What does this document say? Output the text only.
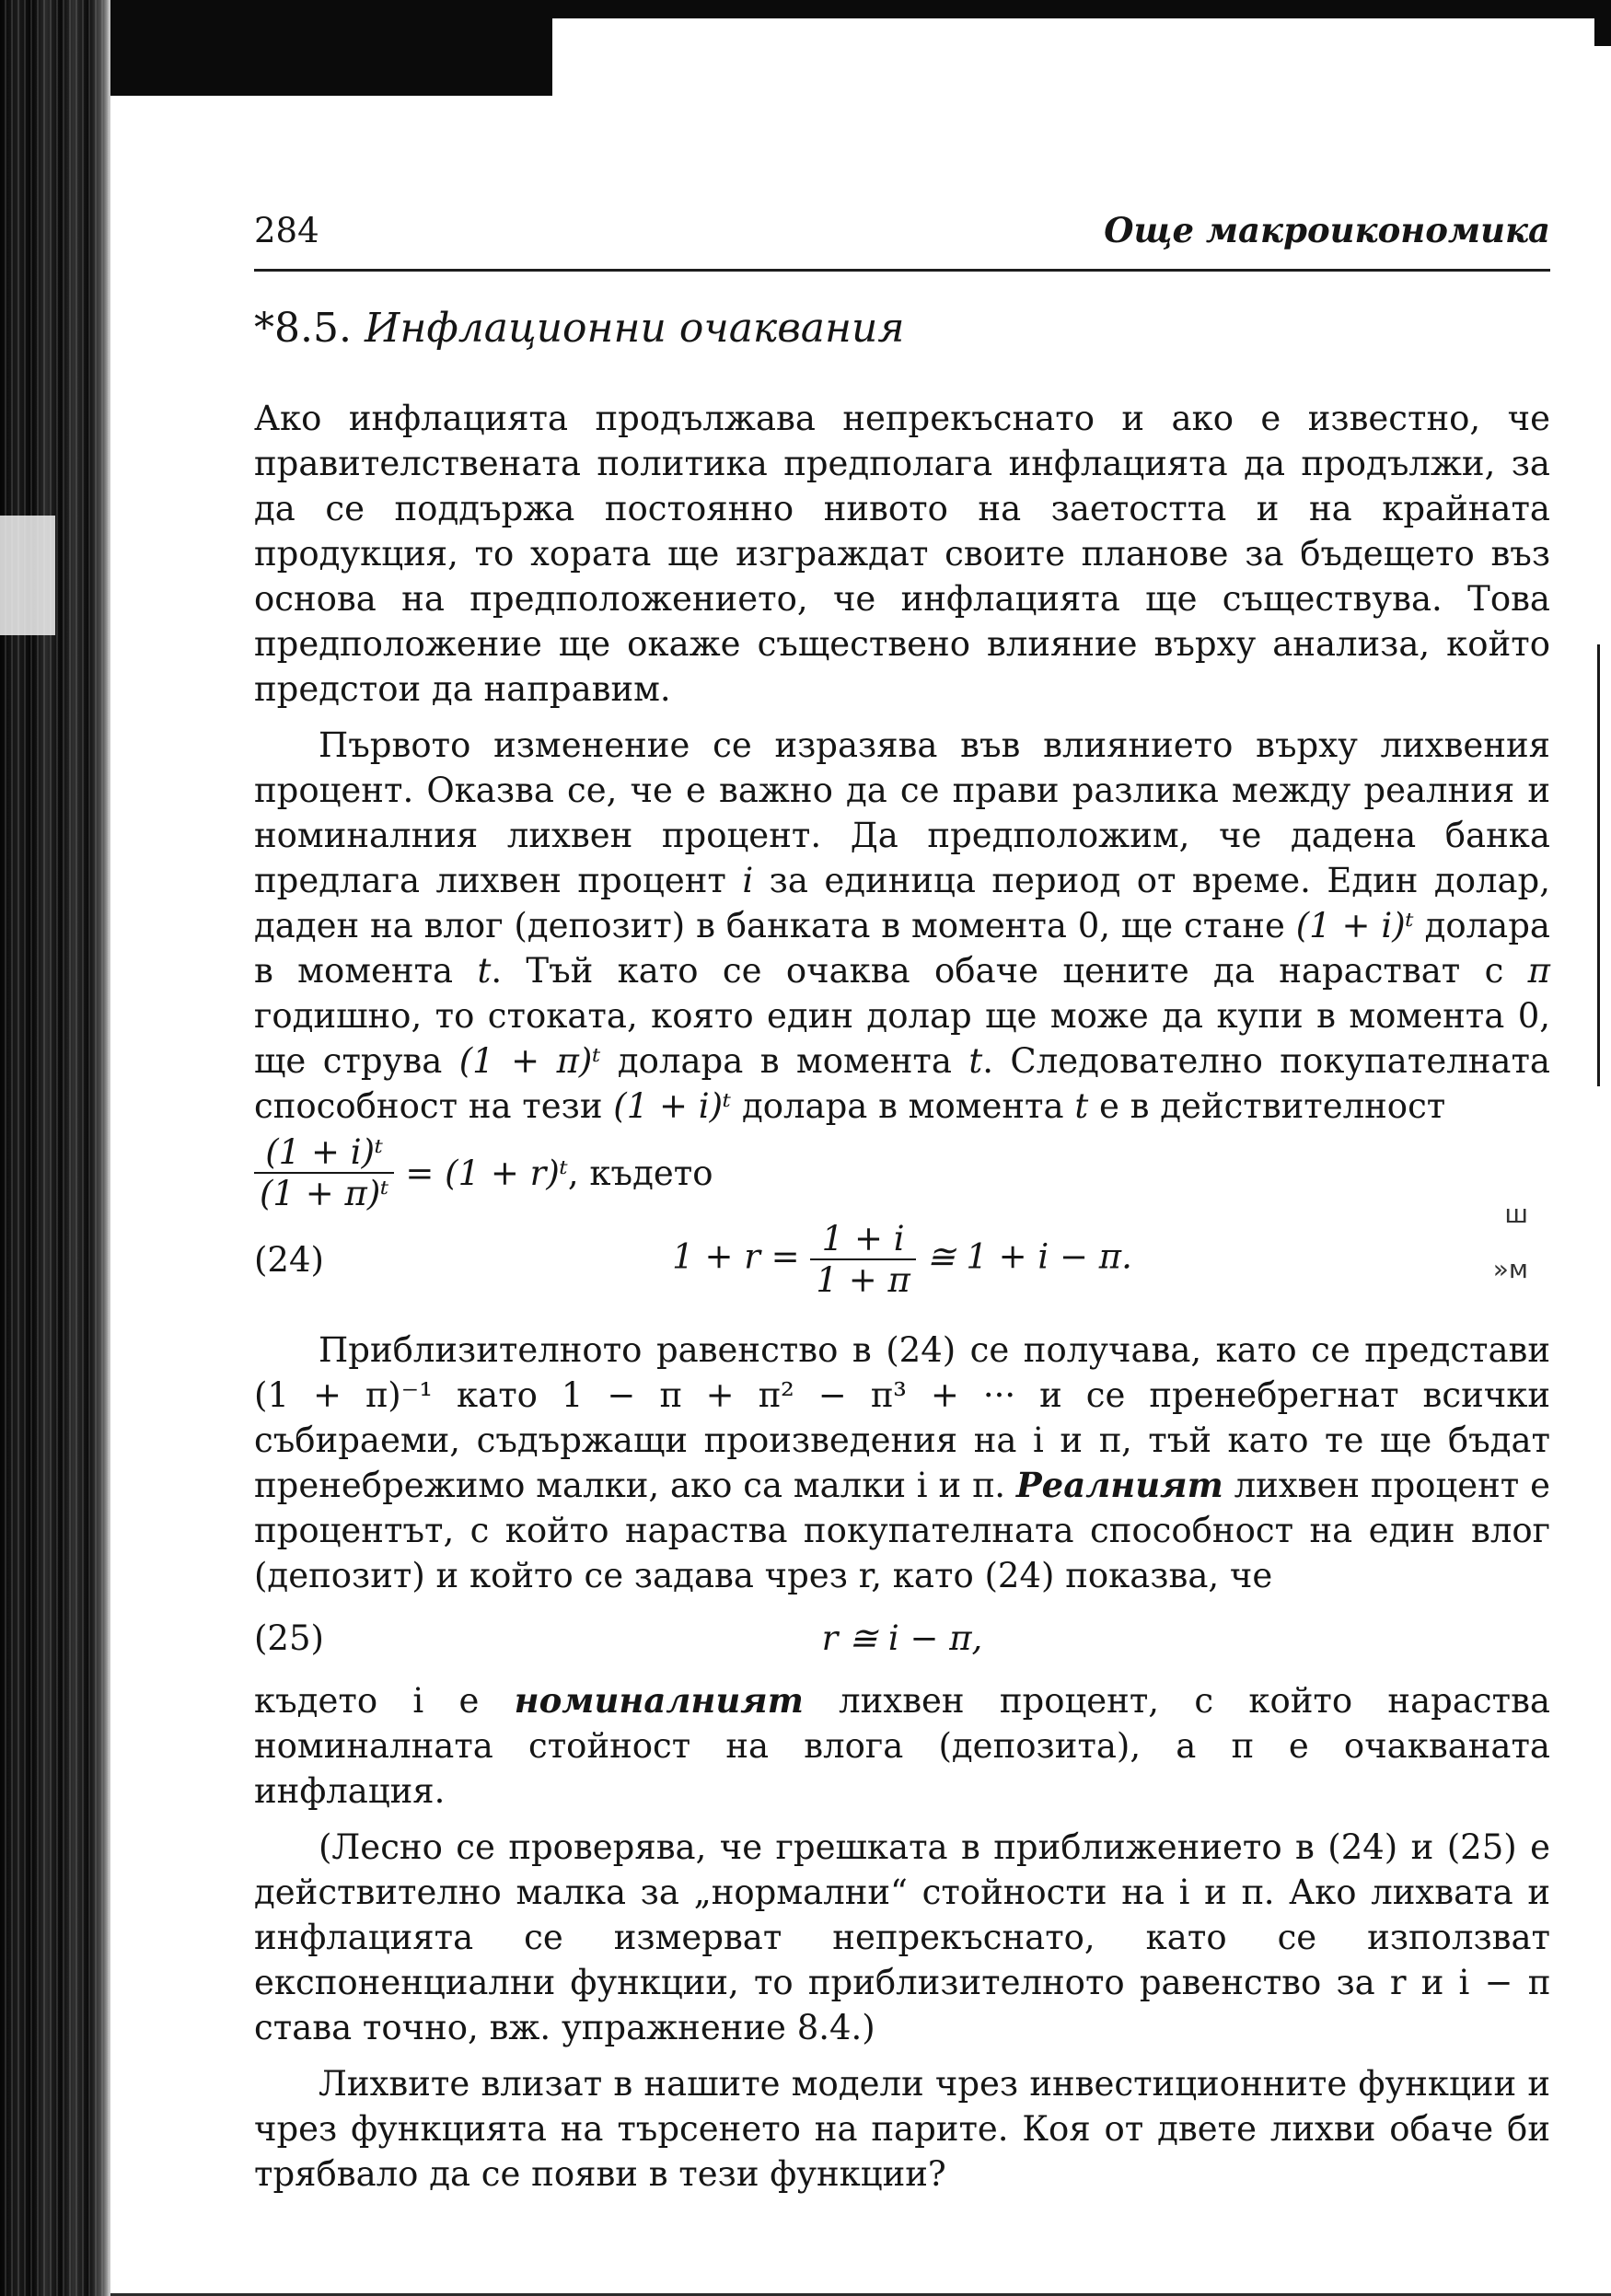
ш
»м
284	Още макроикономика
*8.5. Инфлационни очаквания

Ако инфлацията продължава непрекъснато и ако е известно, че правителствената политика предполага инфлацията да продължи, за да се поддържа постоянно нивото на заетостта и на крайната продукция, то хората ще изграждат своите планове за бъдещето въз основа на предположението, че инфлацията ще съществува. Това предположение ще окаже съществено влияние върху анализа, който предстои да направим.

Първото изменение се изразява във влиянието върху лихвения процент. Оказва се, че е важно да се прави разлика между реалния и номиналния лихвен процент. Да предположим, че дадена банка предлага лихвен процент i за единица период от време. Един долар, даден на влог (депозит) в банката в момента 0, ще стане (1 + i)ᵗ долара в момента t. Тъй като се очаква обаче цените да нарастват с π годишно, то стоката, която един долар ще може да купи в момента 0, ще струва (1 + π)ᵗ долара в момента t. Следователно покупателната способност на тези (1 + i)ᵗ долара в момента t е в действителност

$\frac{\text{(1 + i)ᵗ}}{\text{(1 + π)ᵗ}} = (1$ + r)ᵗ , където
(24)	$1 + r = \frac{1 + i}{1 + \pi}$ ≅ 1 + i − π.

Приблизителното равенство в (24) се получава, като се представи (1 + π)⁻¹ като 1 − π + π² − π³ + ··· и се пренебрегнат всички събираеми, съдържащи произведения на i и π, тъй като те ще бъдат пренебрежимо малки, ако са малки i и π. Реалният лихвен процент е процентът, с който нараства покупателната способност на един влог (депозит) и който се задава чрез r, като (24) показва, че

(25)	r ≅ i − π,

където i е номиналният лихвен процент, с който нараства номиналната стойност на влога (депозита), а π е очакваната инфлация.

(Лесно се проверява, че грешката в приближението в (24) и (25) е действително малка за „нормални“ стойности на i и π. Ако лихвата и инфлацията се измерват непрекъснато, като се използват експоненциални функции, то приблизителното равенство за r и i − π става точно, вж. упражнение 8.4.)

Лихвите влизат в нашите модели чрез инвестиционните функции и чрез функцията на търсенето на парите. Коя от двете лихви обаче би трябвало да се появи в тези функции?
